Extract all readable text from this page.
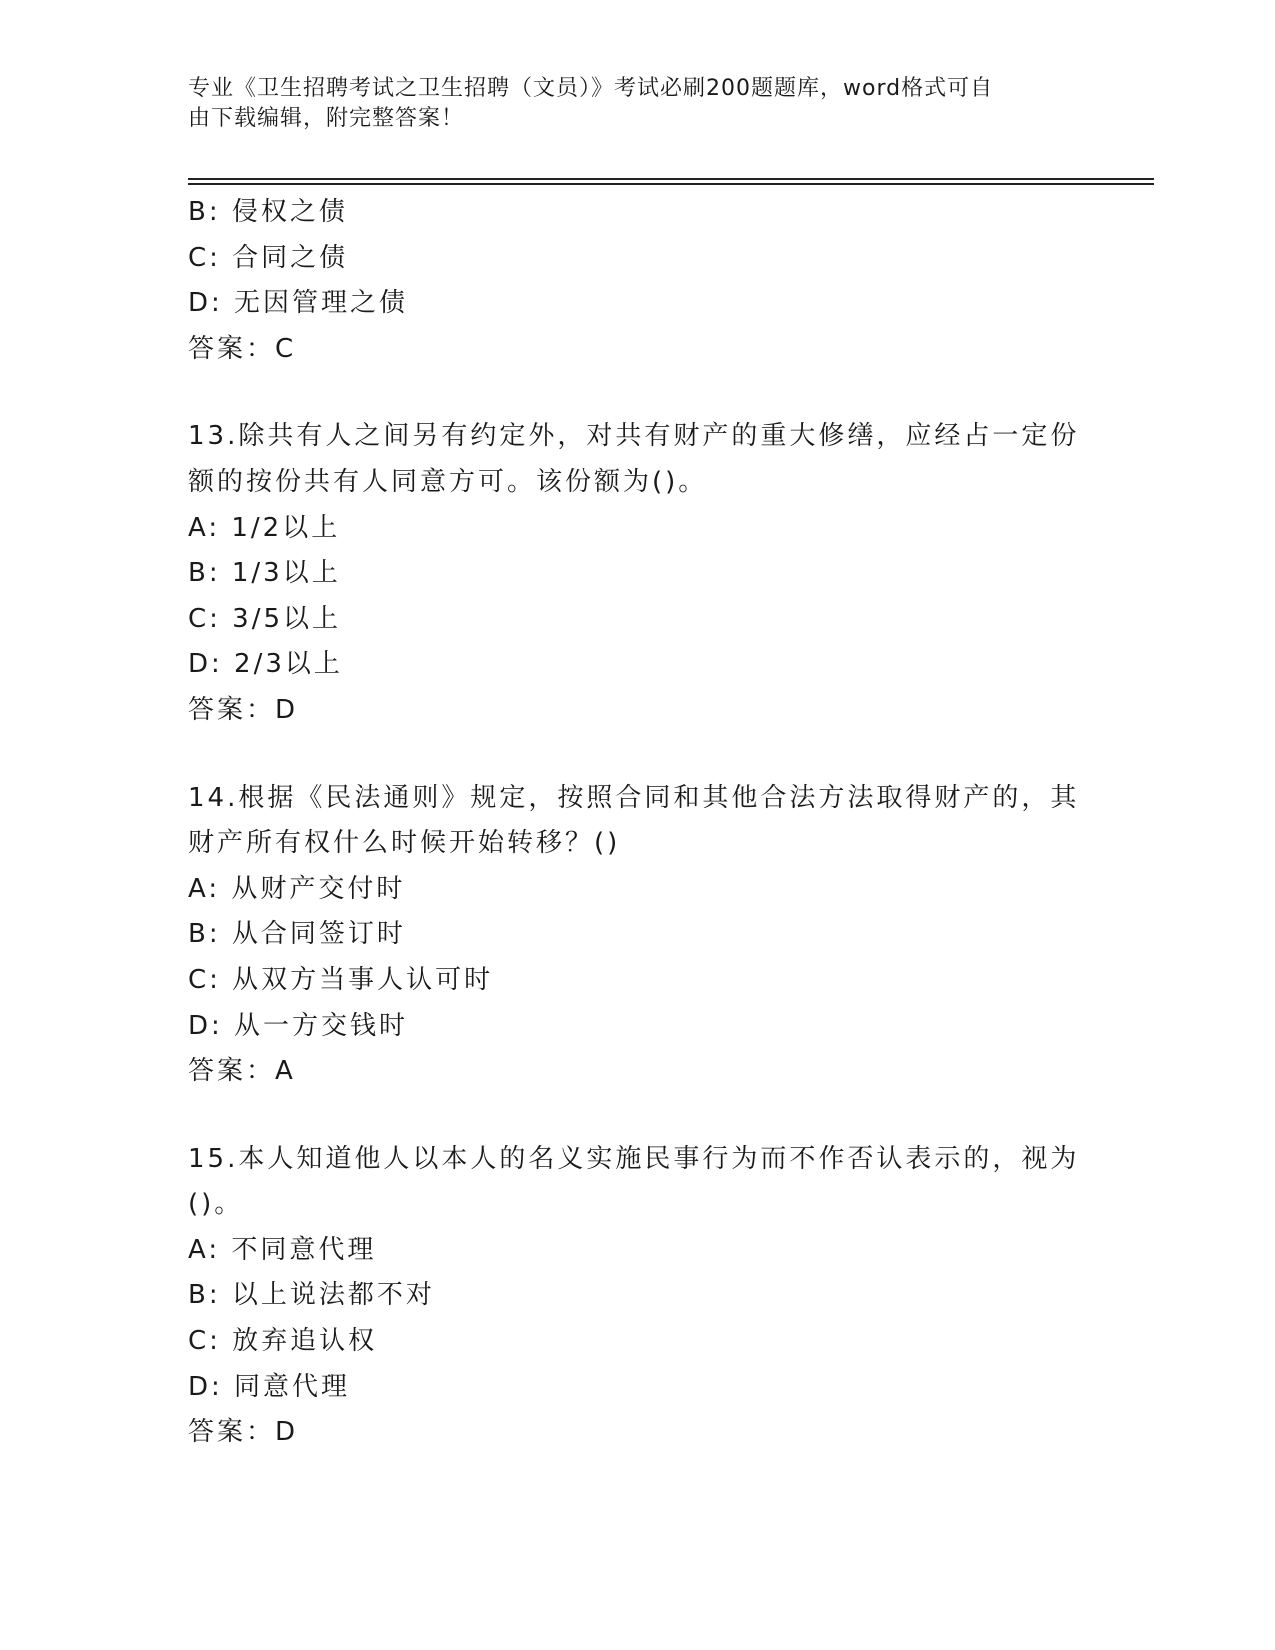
专业《卫生招聘考试之卫生招聘（文员）》考试必刷200题题库，word格式可自
由下载编辑，附完整答案！
B: 侵权之债
C: 合同之债
D: 无因管理之债
答案：C
13.除共有人之间另有约定外，对共有财产的重大修缮，应经占一定份
额的按份共有人同意方可。该份额为()。
A: 1/2以上
B: 1/3以上
C: 3/5以上
D: 2/3以上
答案：D
14.根据《民法通则》规定，按照合同和其他合法方法取得财产的，其
财产所有权什么时候开始转移？()
A: 从财产交付时
B: 从合同签订时
C: 从双方当事人认可时
D: 从一方交钱时
答案：A
15.本人知道他人以本人的名义实施民事行为而不作否认表示的，视为
()。
A: 不同意代理
B: 以上说法都不对
C: 放弃追认权
D: 同意代理
答案：D
